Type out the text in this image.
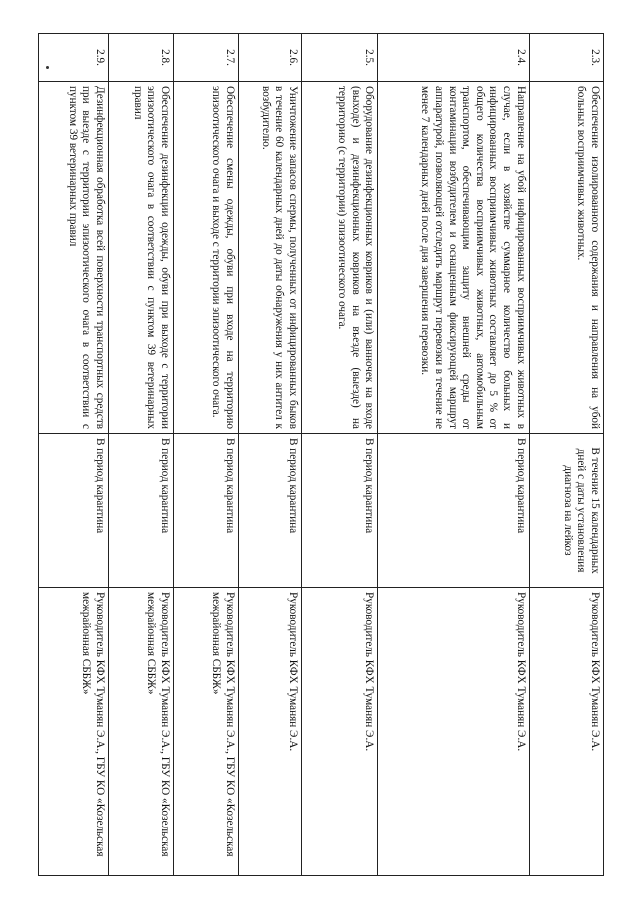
2.3.	Обеспечение изолированного содержания и направления на убой больных восприимчивых животных.	В течение 15 календарных дней с даты установления диагноза на лейкоз	Руководитель КФХ Туманян Э.А.
2.4.	Направление на убой инфицированных восприимчивых животных в случае, если в хозяйстве суммарное количество больных и инфицированных восприимчивых животных составляет до 5 % от общего количества восприимчивых животных, автомобильным транспортом, обеспечивающим защиту внешней среды от контаминации возбудителем и оснащенным фиксирующей маршрут аппаратурой, позволяющей отследить маршрут перевозки в течение не менее 7 календарных дней после дня завершения перевозки.	В период карантина	Руководитель КФХ Туманян Э.А.
2.5.	Оборудование дезинфекционных ковриков и (или) ванночек на входе (выходе) и дезинфекционных ковриков на въезде (выезде) на территорию (с территории) эпизоотического очага.	В период карантина	Руководитель КФХ Туманян Э.А.
2.6.	Уничтожение запасов спермы, полученных от инфицированных быков в течение 60 календарных дней до даты обнаружения у них антител к возбудителю.	В период карантина	Руководитель КФХ Туманян Э.А.
2.7.	Обеспечение смены одежды, обуви при входе на территорию эпизоотического очага и выходе с территории эпизоотического очага.	В период карантина	Руководитель КФХ Туманян Э.А., ГБУ КО «Козельская межрайонная СББЖ»
2.8.	Обеспечение дезинфекции одежды, обуви при выходе с территории эпизоотического очага в соответствии с пунктом 39 ветеринарных правил	В период карантина	Руководитель КФХ Туманян Э.А., ГБУ КО «Козельская межрайонная СББЖ»
2.9.	Дезинфекционная обработка всей поверхности транспортных средств при выезде с территории эпизоотического очага в соответствии с пунктом 39 ветеринарных правил	В период карантина	Руководитель КФХ Туманян Э.А., ГБУ КО «Козельская межрайонная СББЖ»
